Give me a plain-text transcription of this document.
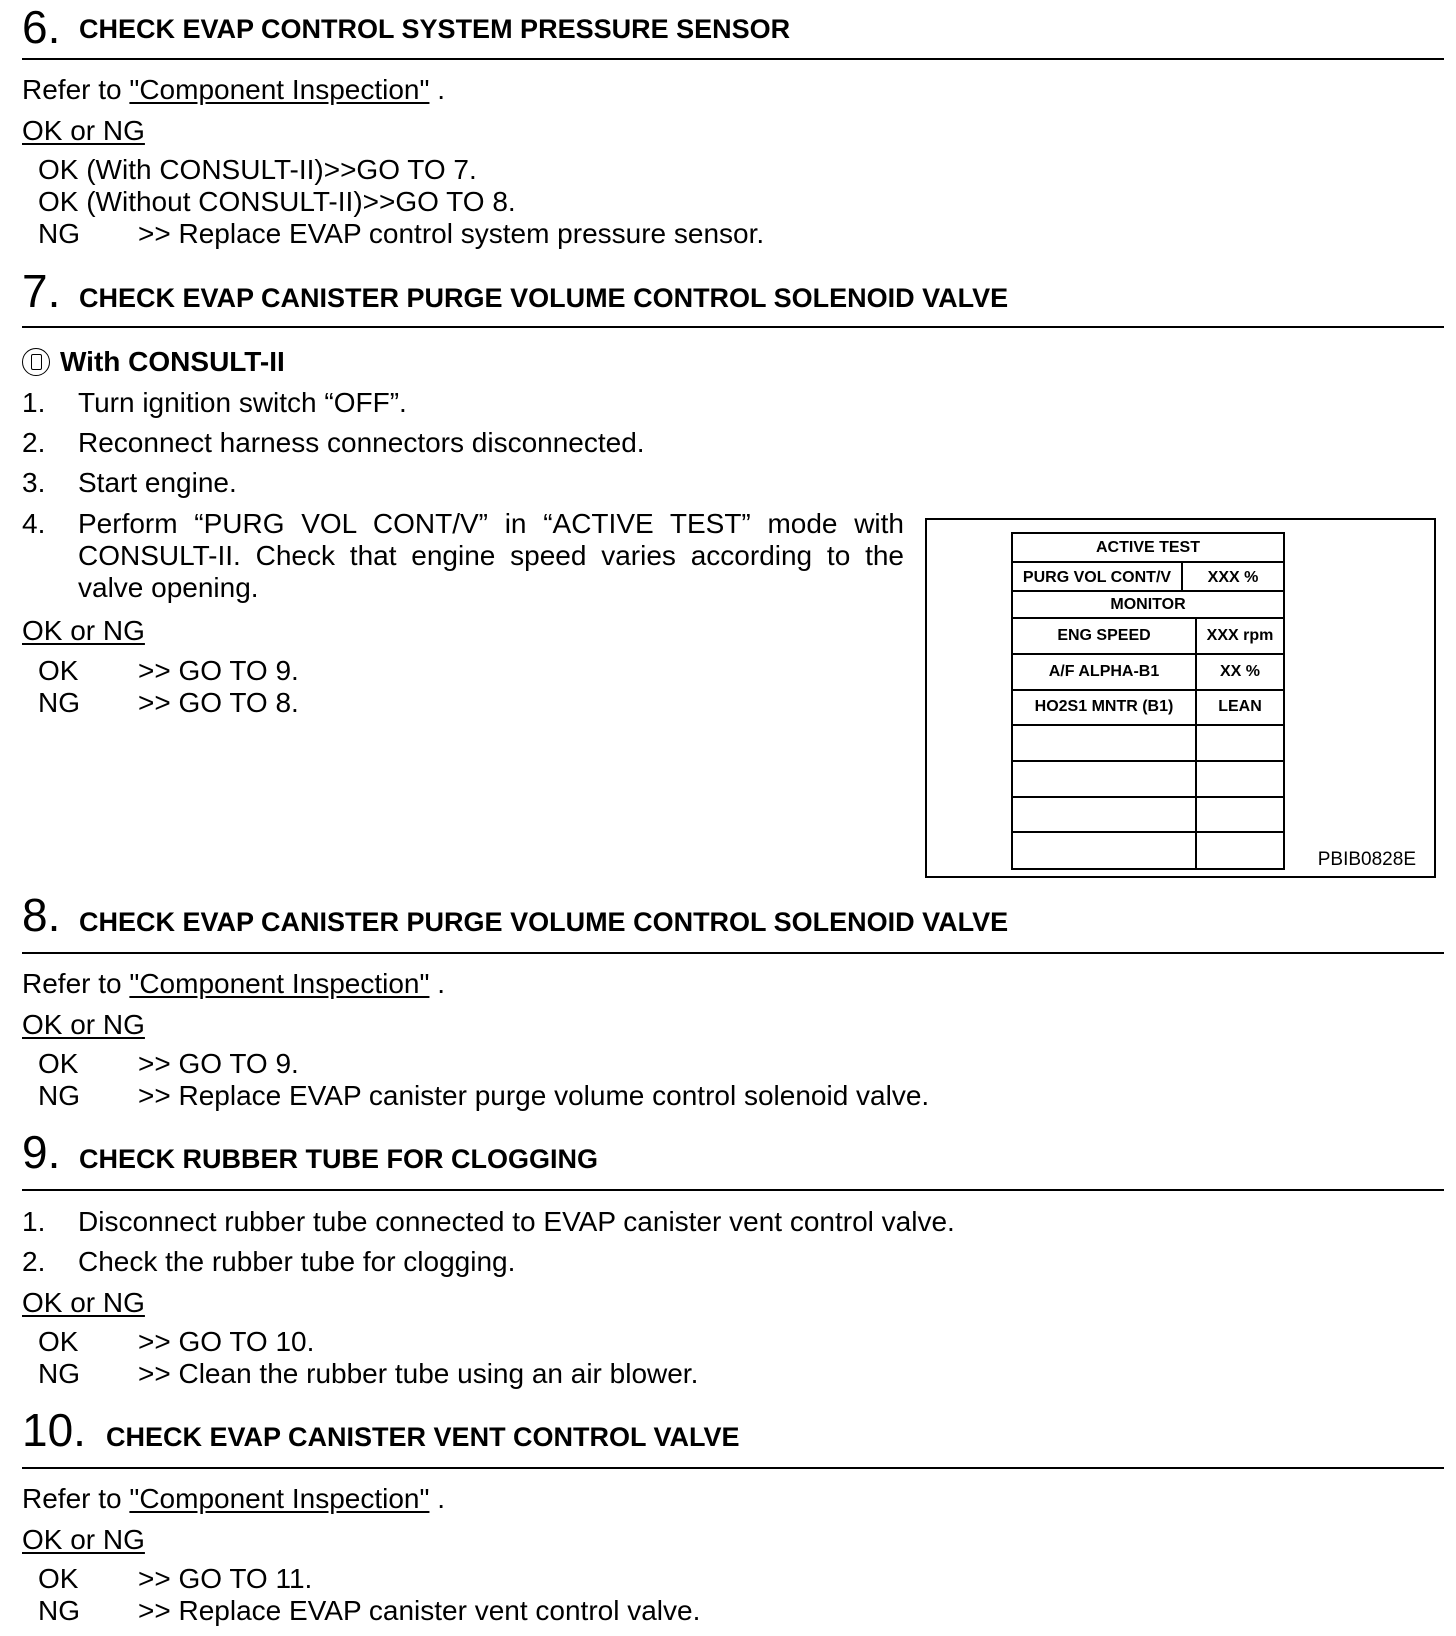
6. CHECK EVAP CONTROL SYSTEM PRESSURE SENSOR
Refer to "Component Inspection" .
OK or NG
OK (With CONSULT-II)>>GO TO 7.
OK (Without CONSULT-II)>>GO TO 8.
NG >> Replace EVAP control system pressure sensor.
7. CHECK EVAP CANISTER PURGE VOLUME CONTROL SOLENOID VALVE
With CONSULT-II
1. Turn ignition switch “OFF”.
2. Reconnect harness connectors disconnected.
3. Start engine.
4. Perform “PURG VOL CONT/V” in “ACTIVE TEST” mode with CONSULT-II. Check that engine speed varies according to the valve opening.
OK or NG
OK >> GO TO 9.
NG >> GO TO 8.
ACTIVE TEST
PURG VOL CONT/V	XXX %
MONITOR
ENG SPEED	XXX rpm
A/F ALPHA-B1	XX %
HO2S1 MNTR (B1)	LEAN
PBIB0828E
8. CHECK EVAP CANISTER PURGE VOLUME CONTROL SOLENOID VALVE
Refer to "Component Inspection" .
OK or NG
OK >> GO TO 9.
NG >> Replace EVAP canister purge volume control solenoid valve.
9. CHECK RUBBER TUBE FOR CLOGGING
1. Disconnect rubber tube connected to EVAP canister vent control valve.
2. Check the rubber tube for clogging.
OK or NG
OK >> GO TO 10.
NG >> Clean the rubber tube using an air blower.
10. CHECK EVAP CANISTER VENT CONTROL VALVE
Refer to "Component Inspection" .
OK or NG
OK >> GO TO 11.
NG >> Replace EVAP canister vent control valve.
